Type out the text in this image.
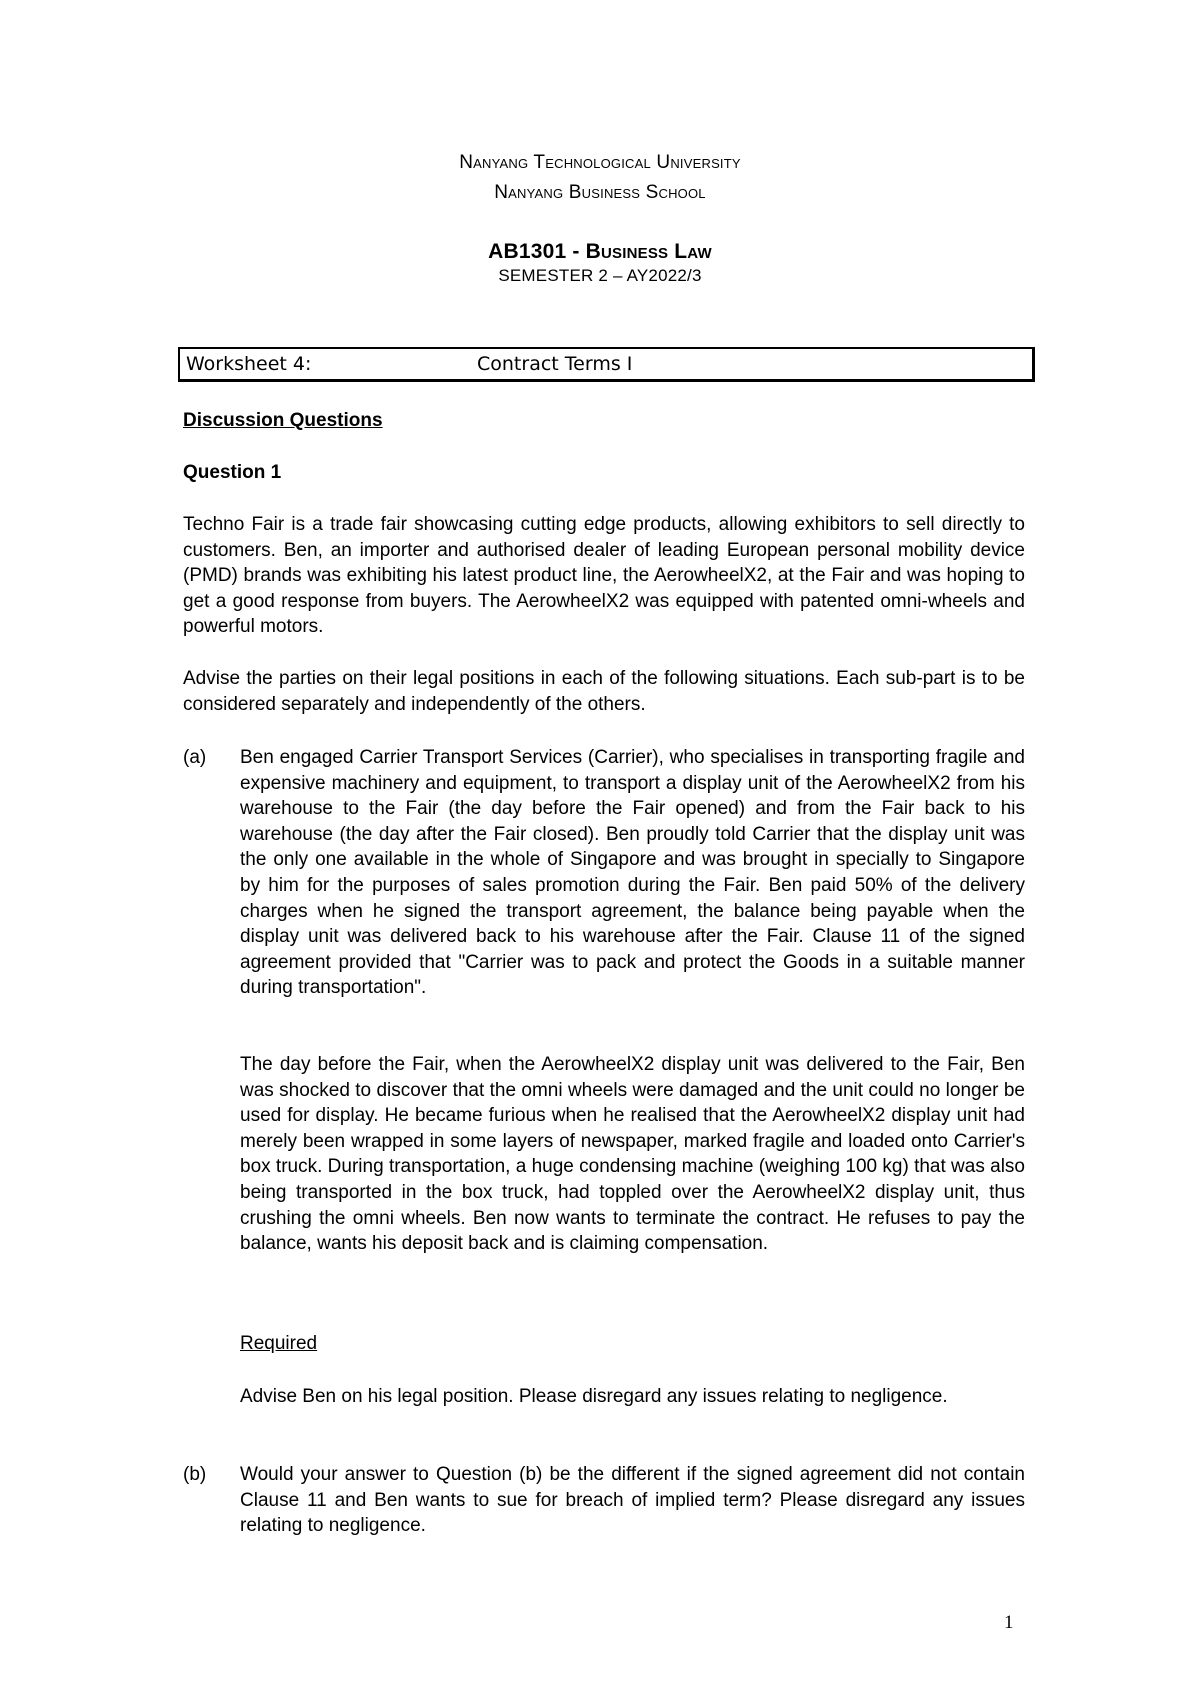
Nanyang Technological University
Nanyang Business School
AB1301 - Business Law
SEMESTER 2 – AY2022/3
Worksheet 4:	Contract Terms I
Discussion Questions
Question 1

Techno Fair is a trade fair showcasing cutting edge products, allowing exhibitors to sell directly to customers. Ben, an importer and authorised dealer of leading European personal mobility device (PMD) brands was exhibiting his latest product line, the AerowheelX2, at the Fair and was hoping to get a good response from buyers. The AerowheelX2 was equipped with patented omni-wheels and powerful motors.

Advise the parties on their legal positions in each of the following situations. Each sub-part is to be considered separately and independently of the others.

(a) Ben engaged Carrier Transport Services (Carrier), who specialises in transporting fragile and expensive machinery and equipment, to transport a display unit of the AerowheelX2 from his warehouse to the Fair (the day before the Fair opened) and from the Fair back to his warehouse (the day after the Fair closed). Ben proudly told Carrier that the display unit was the only one available in the whole of Singapore and was brought in specially to Singapore by him for the purposes of sales promotion during the Fair. Ben paid 50% of the delivery charges when he signed the transport agreement, the balance being payable when the display unit was delivered back to his warehouse after the Fair. Clause 11 of the signed agreement provided that "Carrier was to pack and protect the Goods in a suitable manner during transportation".

The day before the Fair, when the AerowheelX2 display unit was delivered to the Fair, Ben was shocked to discover that the omni wheels were damaged and the unit could no longer be used for display. He became furious when he realised that the AerowheelX2 display unit had merely been wrapped in some layers of newspaper, marked fragile and loaded onto Carrier's box truck. During transportation, a huge condensing machine (weighing 100 kg) that was also being transported in the box truck, had toppled over the AerowheelX2 display unit, thus crushing the omni wheels. Ben now wants to terminate the contract. He refuses to pay the balance, wants his deposit back and is claiming compensation.

Required

Advise Ben on his legal position. Please disregard any issues relating to negligence.

(b) Would your answer to Question (b) be the different if the signed agreement did not contain Clause 11 and Ben wants to sue for breach of implied term? Please disregard any issues relating to negligence.

1
